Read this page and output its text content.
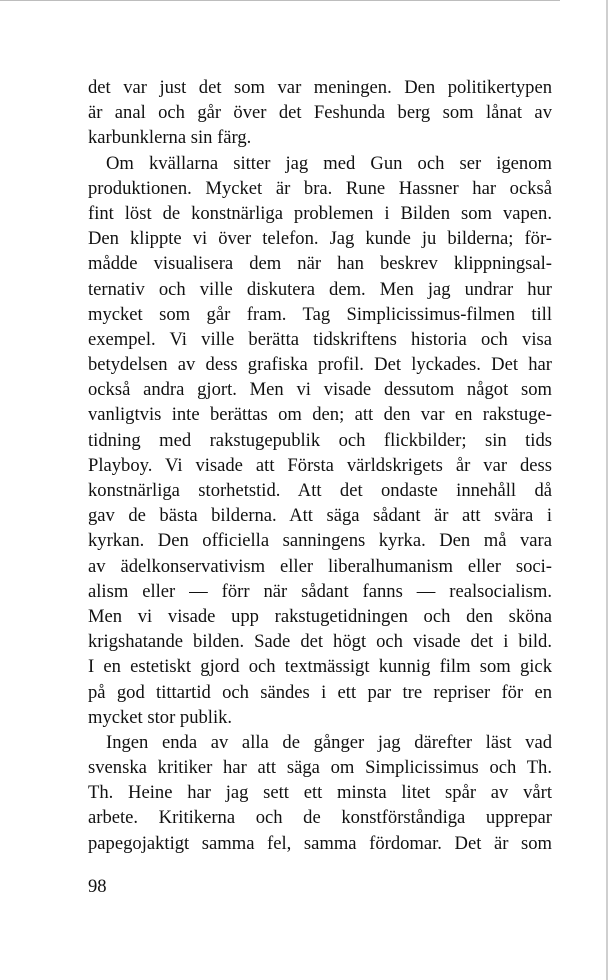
det var just det som var meningen. Den politikertypen
är anal och går över det Feshunda berg som lånat av
karbunklerna sin färg.
Om kvällarna sitter jag med Gun och ser igenom
produktionen. Mycket är bra. Rune Hassner har också
fint löst de konstnärliga problemen i Bilden som vapen.
Den klippte vi över telefon. Jag kunde ju bilderna; för-
mådde visualisera dem när han beskrev klippningsal-
ternativ och ville diskutera dem. Men jag undrar hur
mycket som går fram. Tag Simplicissimus-filmen till
exempel. Vi ville berätta tidskriftens historia och visa
betydelsen av dess grafiska profil. Det lyckades. Det har
också andra gjort. Men vi visade dessutom något som
vanligtvis inte berättas om den; att den var en rakstuge-
tidning med rakstugepublik och flickbilder; sin tids
Playboy. Vi visade att Första världskrigets år var dess
konstnärliga storhetstid. Att det ondaste innehåll då
gav de bästa bilderna. Att säga sådant är att svära i
kyrkan. Den officiella sanningens kyrka. Den må vara
av ädelkonservativism eller liberalhumanism eller soci-
alism eller — förr när sådant fanns — realsocialism.
Men vi visade upp rakstugetidningen och den sköna
krigshatande bilden. Sade det högt och visade det i bild.
I en estetiskt gjord och textmässigt kunnig film som gick
på god tittartid och sändes i ett par tre repriser för en
mycket stor publik.
Ingen enda av alla de gånger jag därefter läst vad
svenska kritiker har att säga om Simplicissimus och Th.
Th. Heine har jag sett ett minsta litet spår av vårt
arbete. Kritikerna och de konstförståndiga upprepar
papegojaktigt samma fel, samma fördomar. Det är som
98
